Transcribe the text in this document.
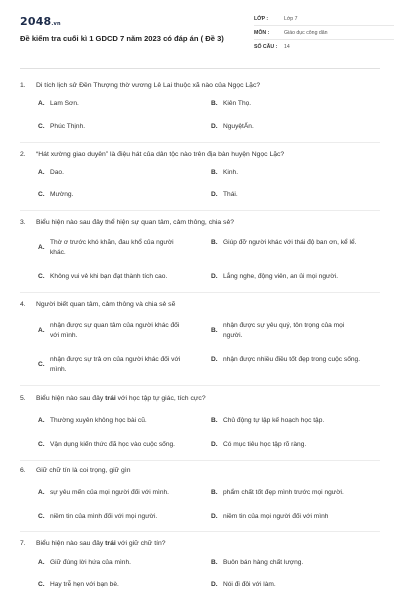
2048.vn
Đề kiểm tra cuối kì 1 GDCD 7 năm 2023 có đáp án ( Đề 3)
LỚP :	Lớp 7
MÔN :	Giáo dục công dân
SỐ CÂU :	14
1.	Di tích lịch sử Đền Thượng thờ vương Lê Lai thuộc xã nào của Ngọc Lặc?
A. Lam Sơn.	B. Kiên Thọ.
C. Phúc Thịnh.	D. NguyệtẤn.
2.	“Hát xường giao duyên” là điệu hát của dân tộc nào trên địa bàn huyện Ngọc Lặc?
A. Dao.	B. Kinh.
C. Mường.	D. Thái.
3.	Biểu hiện nào sau đây thể hiện sự quan tâm, cảm thông, chia sẻ?
A.
Thờ ơ trước khó khăn, đau khổ của người khác.
B. Giúp đỡ người khác với thái độ ban ơn, kể lể.
C. Không vui vẻ khi bạn đạt thành tích cao.	D. Lắng nghe, động viên, an ủi mọi người.
4.	Người biết quan tâm, cảm thông và chia sẻ sẽ
A.
nhận được sự quan tâm của người khác đối với mình.
B.
nhận được sự yêu quý, tôn trọng của mọi người.
C.
nhận được sự trả ơn của người khác đối với mình.
D. nhận được nhiều điều tốt đẹp trong cuộc sống.
5.	Biểu hiện nào sau đây trái với học tập tự giác, tích cực?
A. Thường xuyên không học bài cũ.	B. Chủ động tự lập kế hoạch học tập.
C. Vận dụng kiến thức đã học vào cuộc sống.	D. Có mục tiêu học tập rõ ràng.
6.	Giữ chữ tín là coi trọng, giữ gìn
A. sự yêu mến của mọi người đối với mình.	B. phẩm chất tốt đẹp mình trước mọi người.
C. niềm tin của mình đối với mọi người.	D. niềm tin của mọi người đối với mình
7.	Biểu hiện nào sau đây trái với giữ chữ tín?
A. Giữ đúng lời hứa của mình.	B. Buôn bán hàng chất lượng.
C. Hay trễ hẹn với bạn bè.	D. Nói đi đôi với làm.
